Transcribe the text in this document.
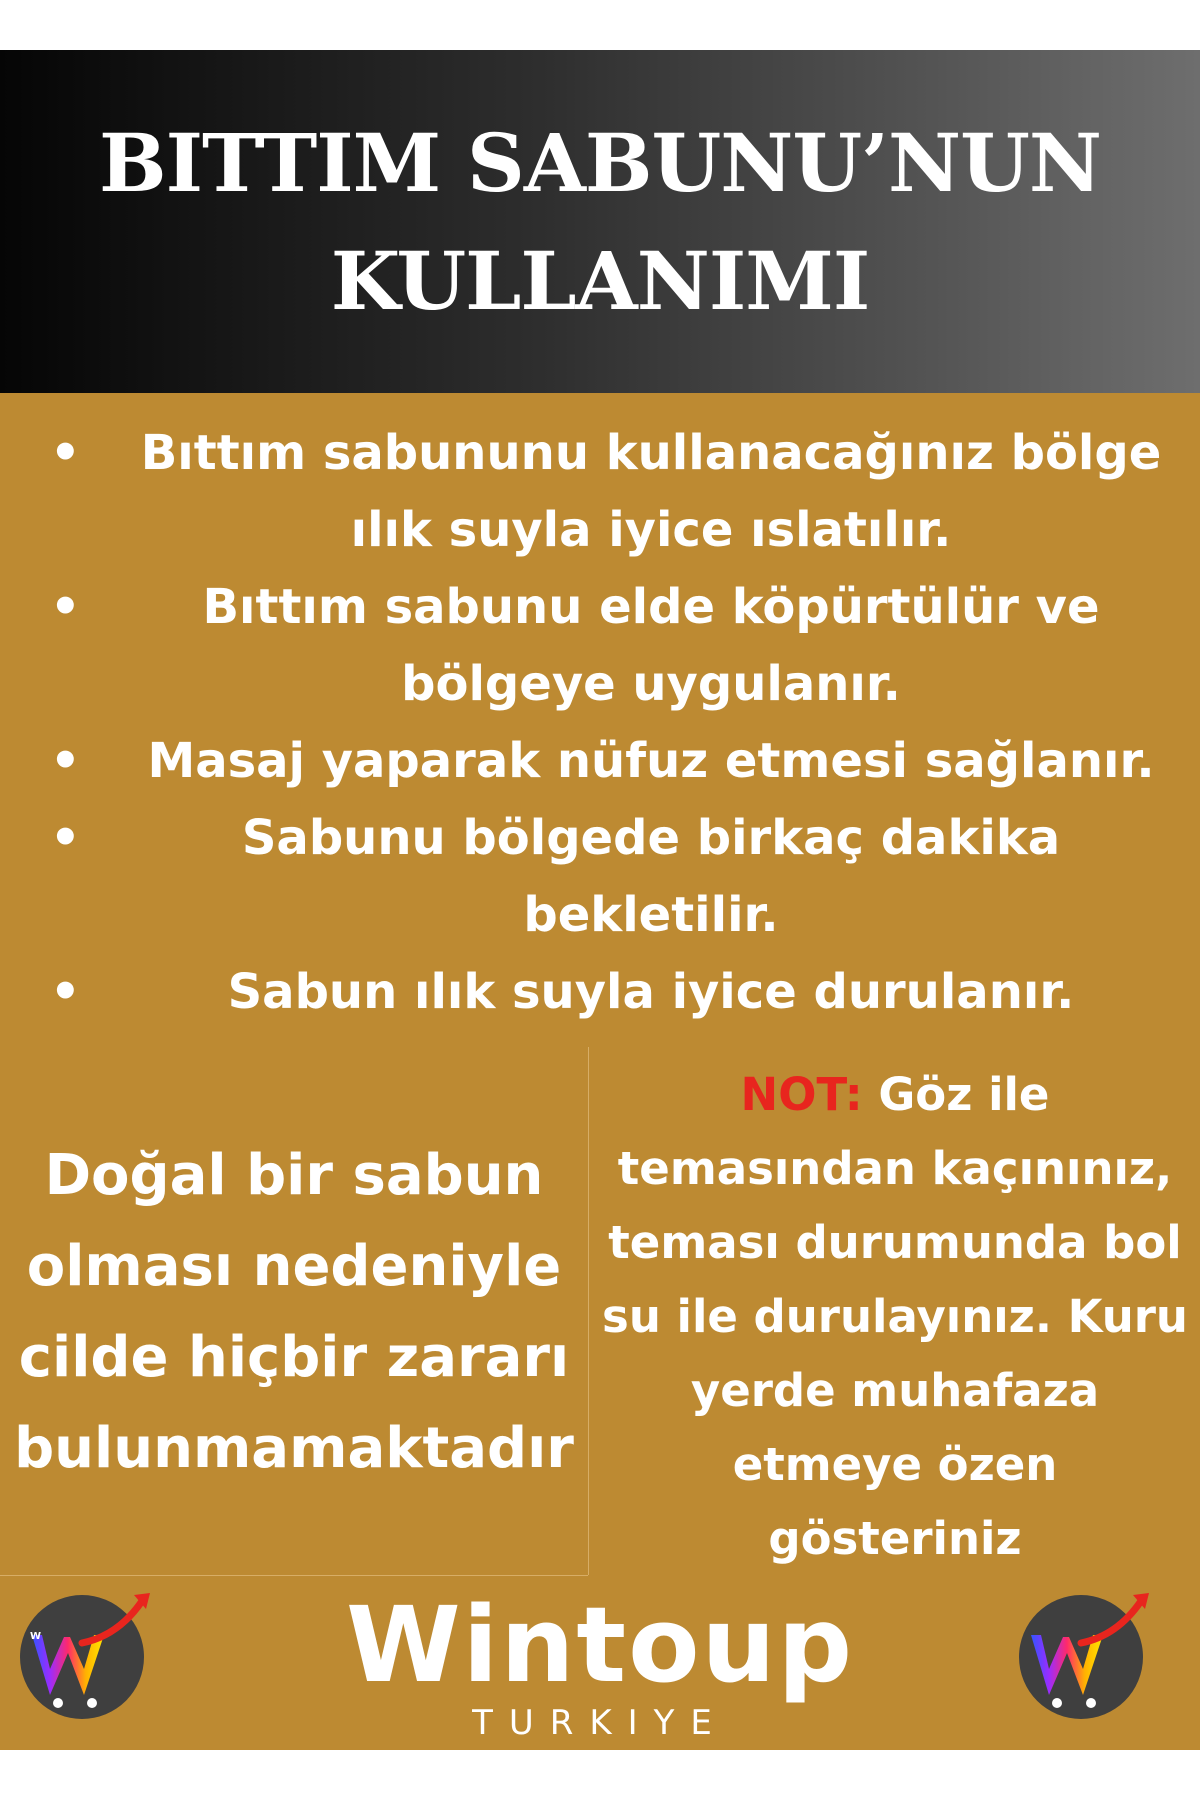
BITTIM SABUNU’NUN
KULLANIMI
•	Bıttım sabununu kullanacağınız bölge
ılık suyla iyice ıslatılır.
•	Bıttım sabunu elde köpürtülür ve
bölgeye uygulanır.
•	Masaj yaparak nüfuz etmesi sağlanır.
•	Sabunu bölgede birkaç dakika
bekletilir.
•	Sabun ılık suyla iyice durulanır.
Doğal bir sabun
olması nedeniyle
cilde hiçbir zararı
bulunmamaktadır
NOT: Göz ile
temasından kaçınınız,
teması durumunda bol
su ile durulayınız. Kuru
yerde muhafaza
etmeye özen
gösteriniz
W	Wintoup
TURKIYE
